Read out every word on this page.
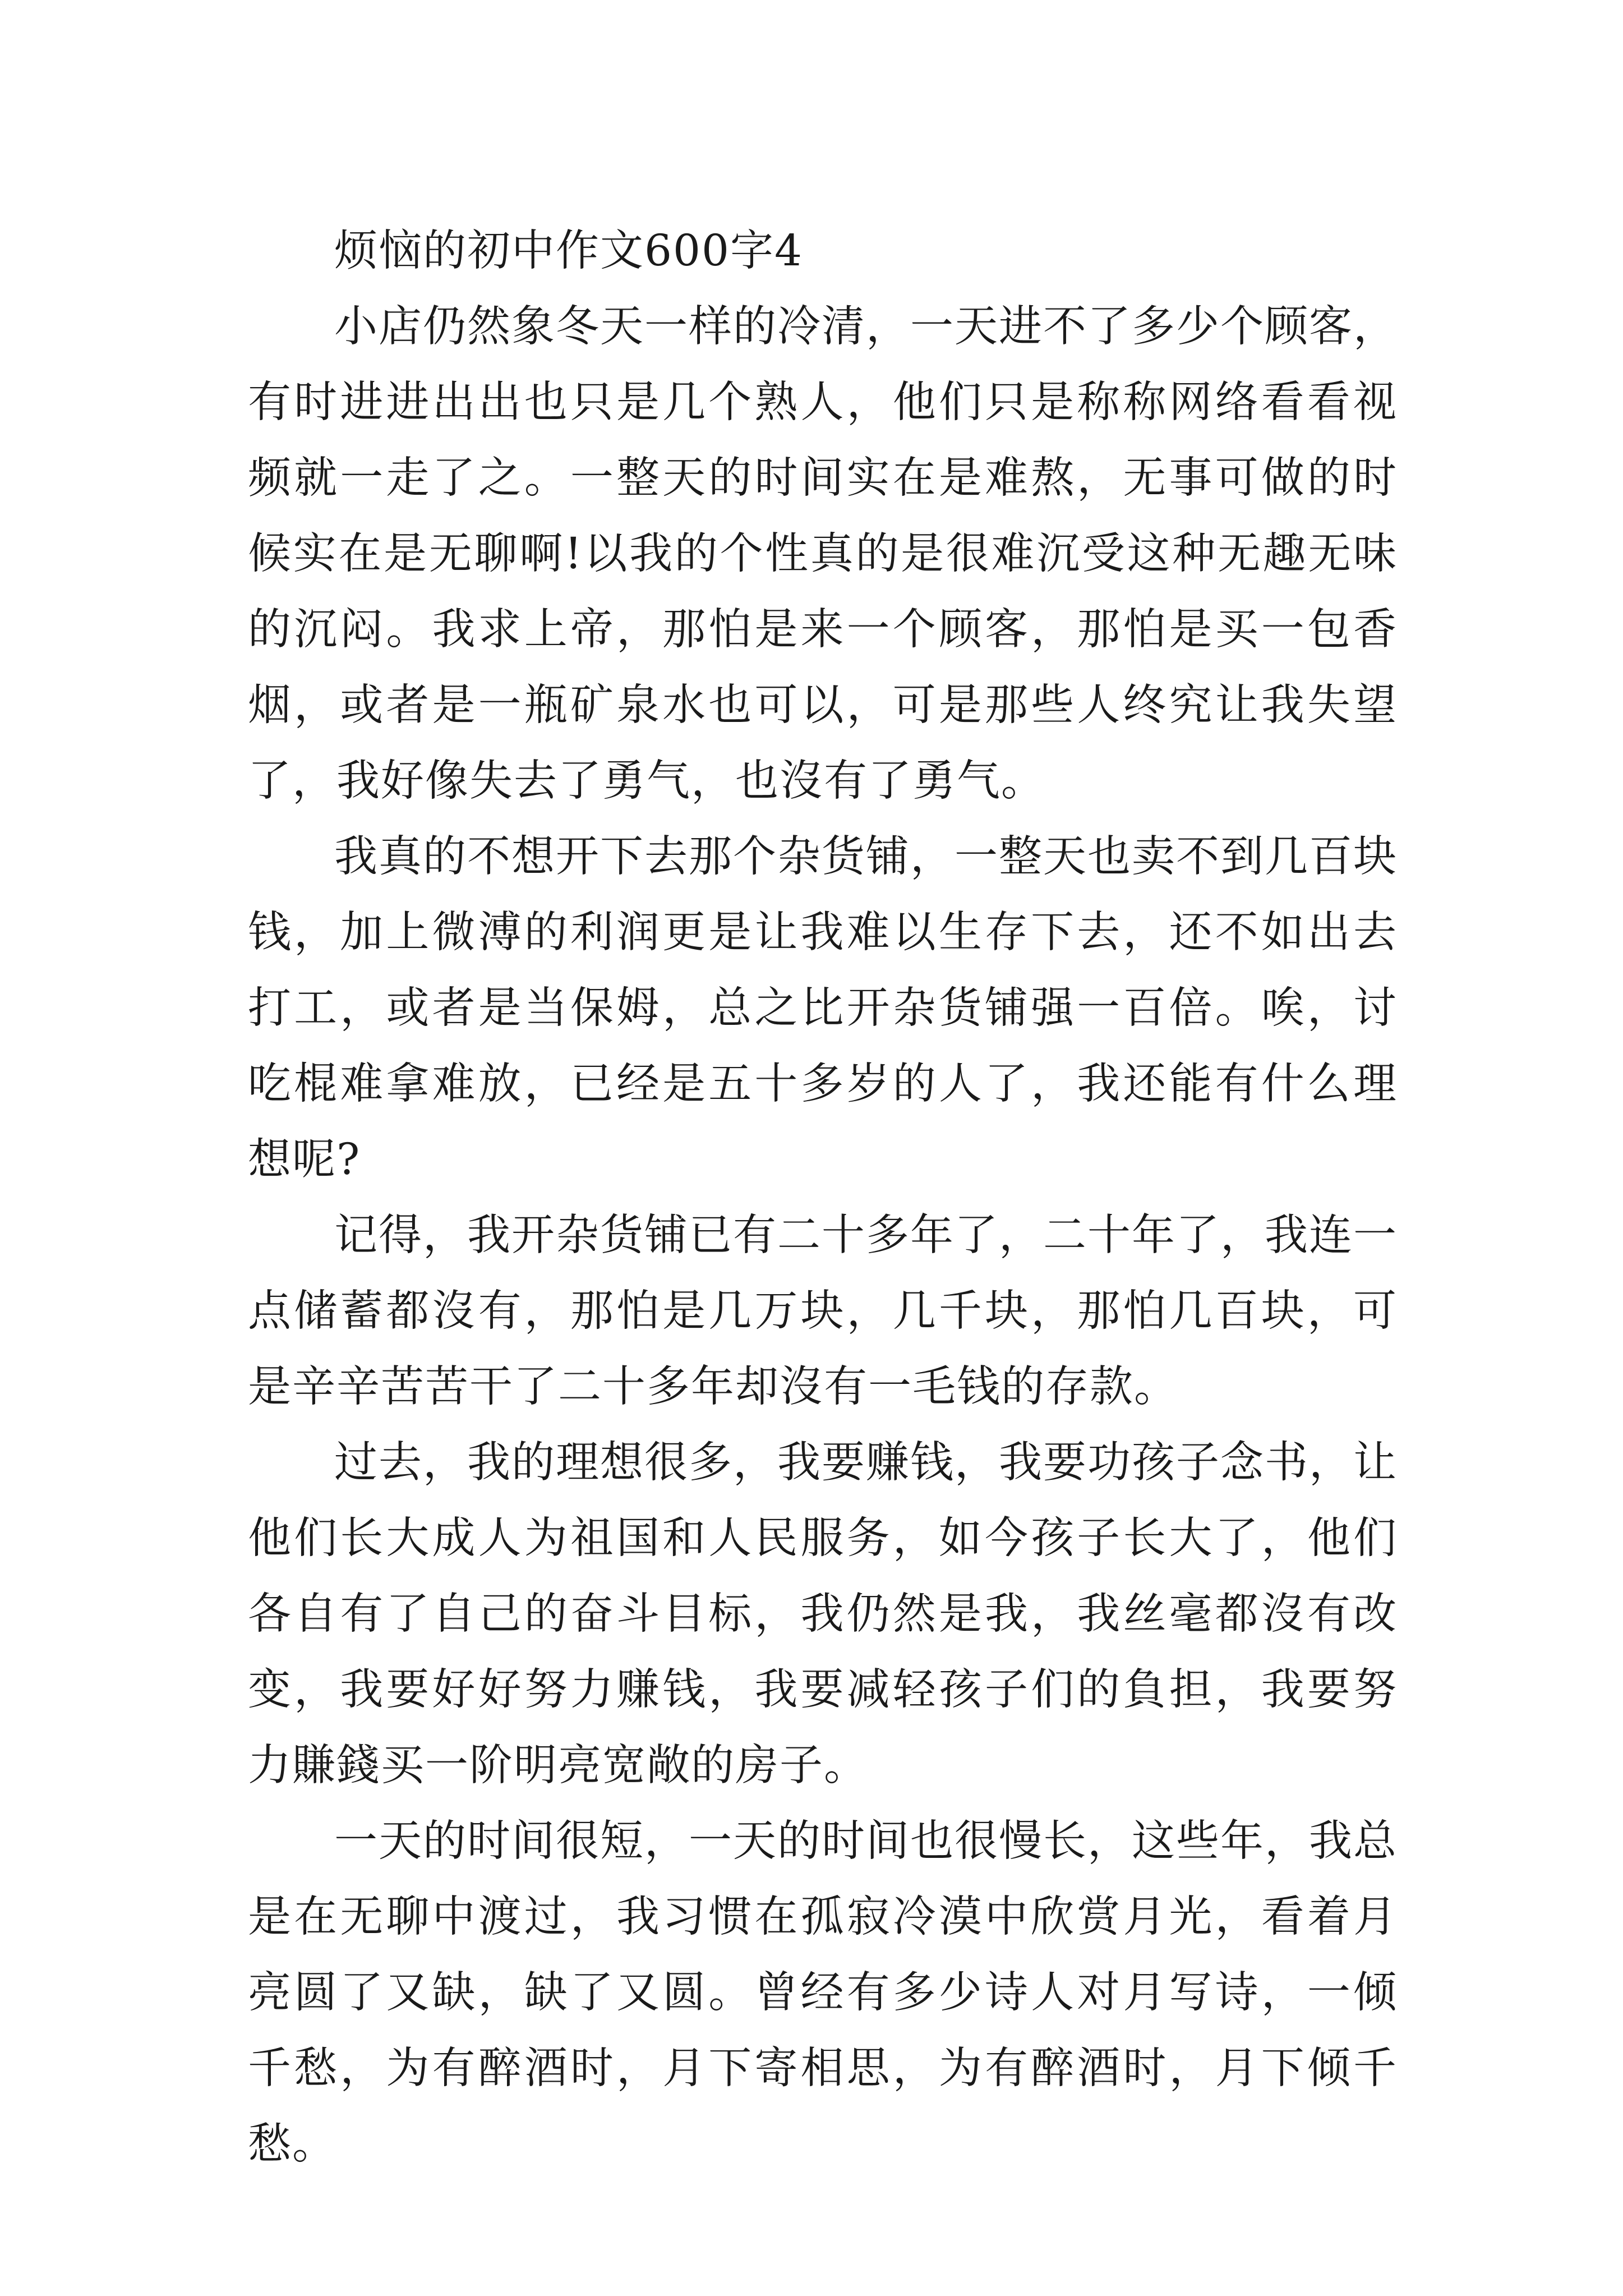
烦恼的初中作文600字4

小店仍然象冬天一样的冷清，一天进不了多少个顾客，有时进进出出也只是几个熟人，他们只是称称网络看看视频就一走了之。一整天的时间实在是难熬，无事可做的时候实在是无聊啊!以我的个性真的是很难沉受这种无趣无味的沉闷。我求上帝，那怕是来一个顾客，那怕是买一包香烟，或者是一瓶矿泉水也可以，可是那些人终究让我失望了，我好像失去了勇气，也沒有了勇气。

我真的不想开下去那个杂货铺，一整天也卖不到几百块钱，加上微溥的利润更是让我难以生存下去，还不如出去打工，或者是当保姆，总之比开杂货铺强一百倍。唉，讨吃棍难拿难放，已经是五十多岁的人了，我还能有什么理想呢?

记得，我开杂货铺已有二十多年了，二十年了，我连一点储蓄都沒有，那怕是几万块，几千块，那怕几百块，可是辛辛苦苦干了二十多年却沒有一毛钱的存款。

过去，我的理想很多，我要赚钱，我要功孩子念书，让他们长大成人为祖国和人民服务，如今孩子长大了，他们各自有了自己的奋斗目标，我仍然是我，我丝毫都沒有改变，我要好好努力赚钱，我要减轻孩子们的負担，我要努力賺錢买一阶明亮宽敞的房子。

一天的时间很短，一天的时间也很慢长，这些年，我总是在无聊中渡过，我习惯在孤寂冷漠中欣赏月光，看着月亮圆了又缺，缺了又圆。曾经有多少诗人对月写诗，一倾千愁，为有醉酒时，月下寄相思，为有醉酒时，月下倾千愁。
